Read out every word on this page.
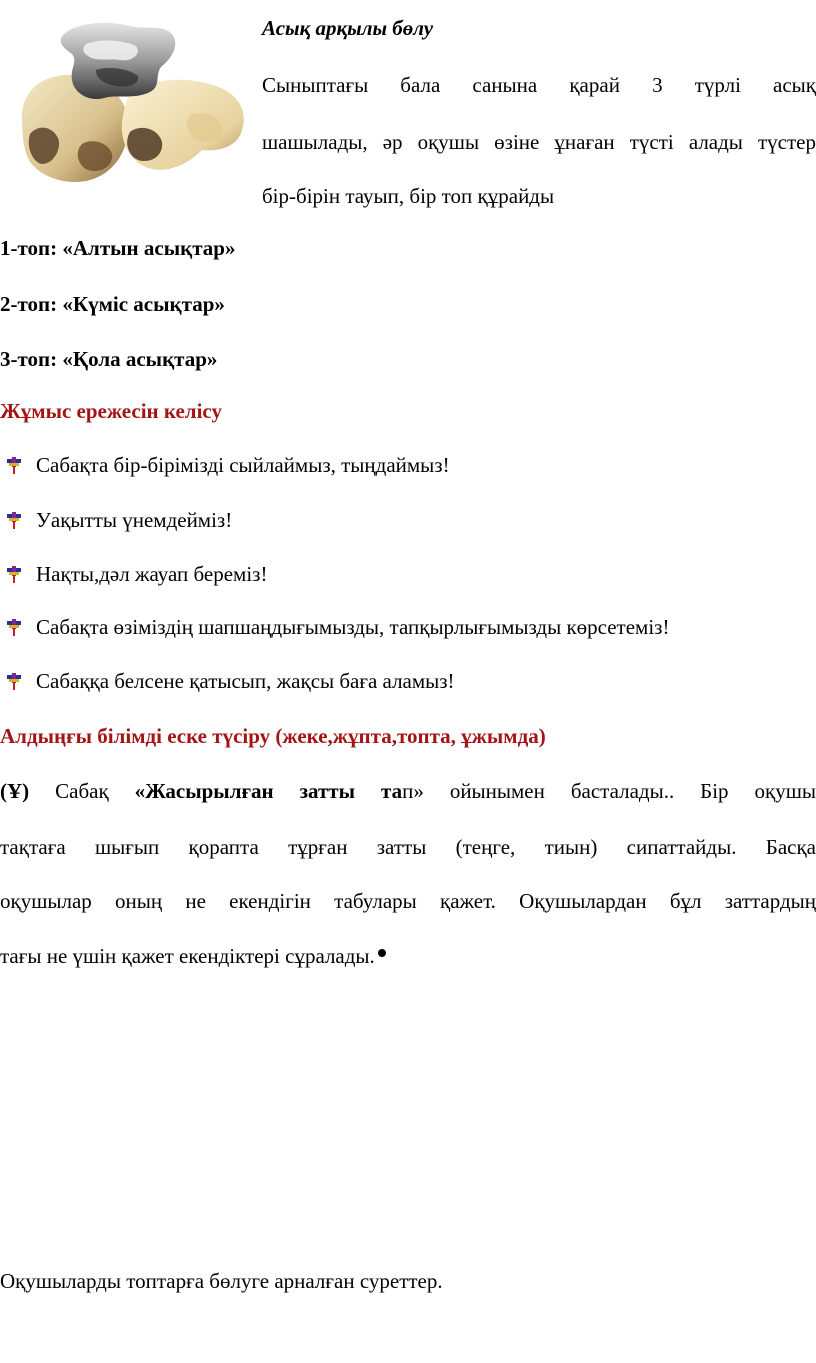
Асық арқылы бөлу
Сыныптағы бала санына қарай 3 түрлі асық
шашылады, әр оқушы өзіне ұнаған түсті алады түстер
бір-бірін тауып, бір топ құрайды
1-топ: «Алтын асықтар»
2-топ: «Күміс асықтар»
3-топ: «Қола асықтар»
Жұмыс ережесін келісу
Сабақта бір-бірімізді сыйлаймыз, тыңдаймыз!
Уақытты үнемдейміз!
Нақты,дәл жауап береміз!
Сабақта өзіміздің шапшаңдығымызды, тапқырлығымызды көрсетеміз!
Сабаққа белсене қатысып, жақсы баға аламыз!
Алдыңғы білімді еске түсіру (жеке,жұпта,топта, ұжымда)
(Ұ) Сабақ «Жасырылған затты тап» ойынымен басталады.. Бір оқушы
тақтаға шығып қорапта тұрған затты (теңге, тиын) сипаттайды. Басқа
оқушылар оның не екендігін табулары қажет. Оқушылардан бұл заттардың
тағы не үшін қажет екендіктері сұралады.
Оқушыларды топтарға бөлуге арналған суреттер.
